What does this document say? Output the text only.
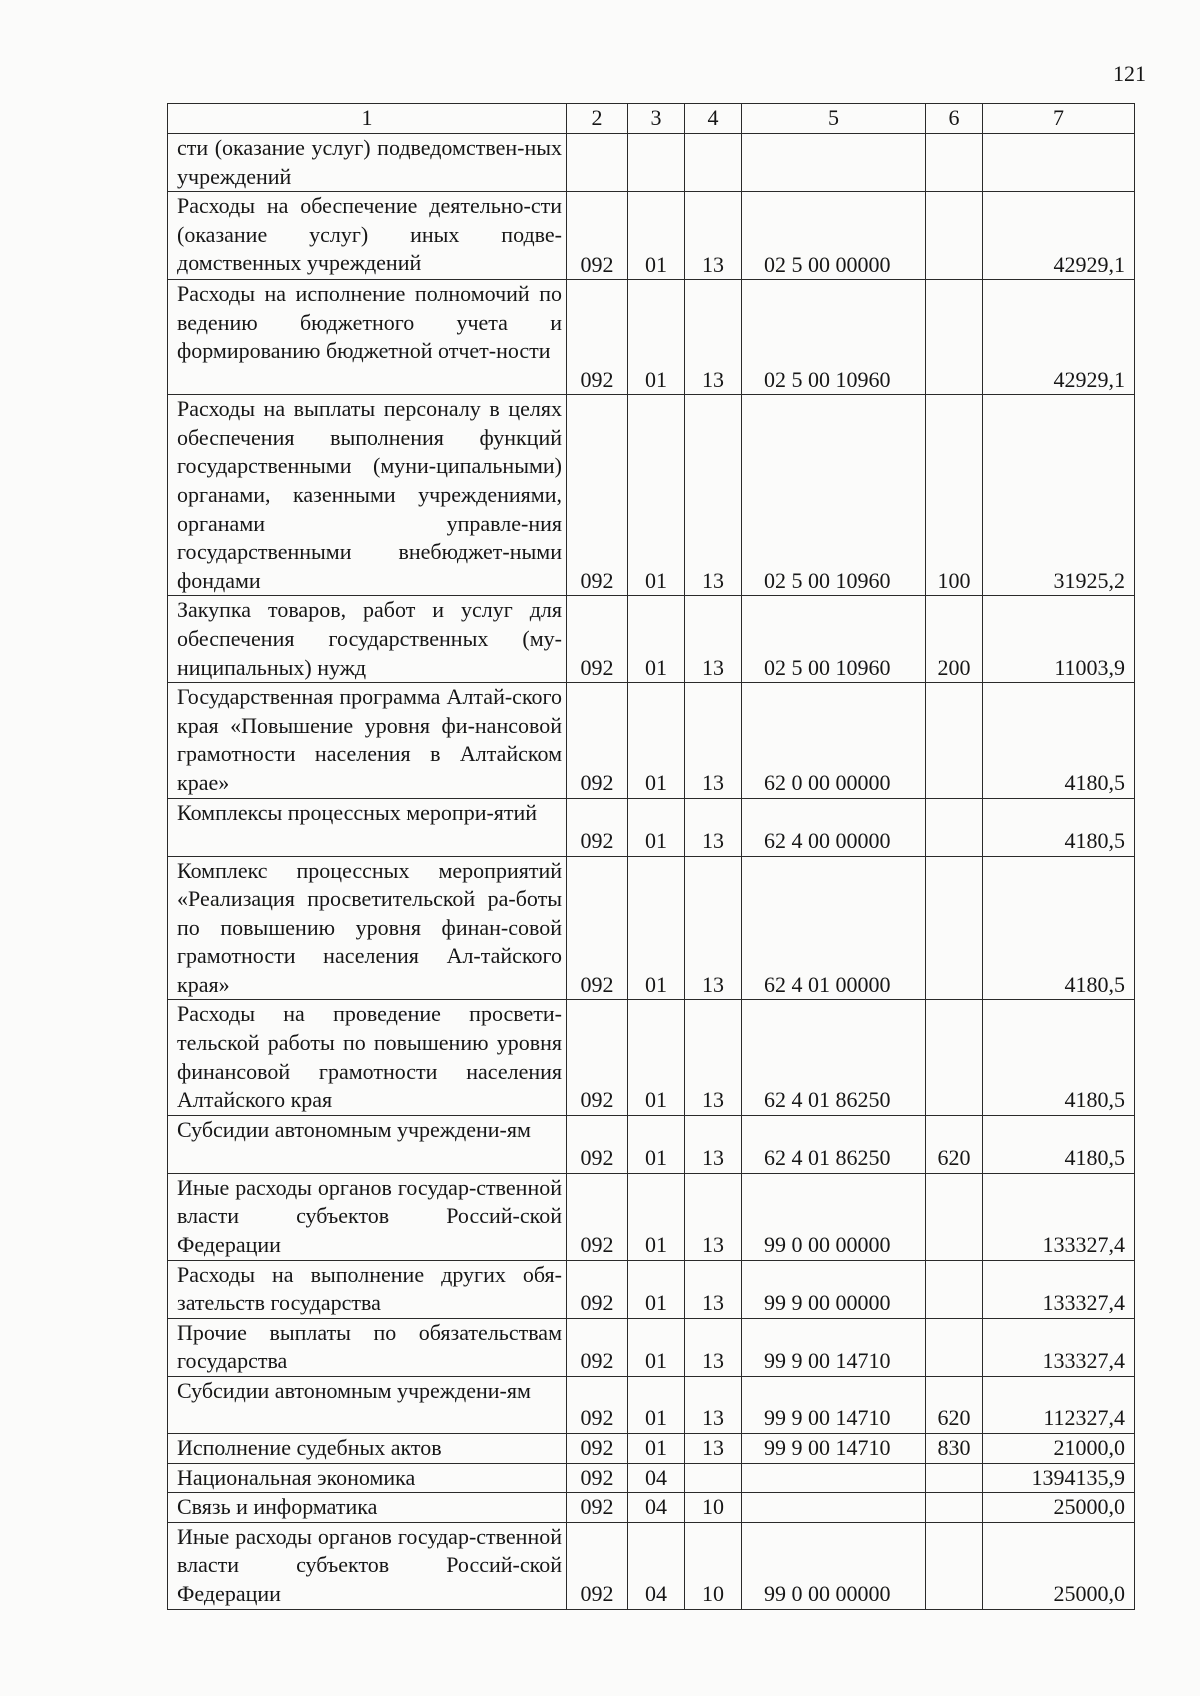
121
1	2	3	4	5	6	7
сти (оказание услуг) подведомствен-ных учреждений						
Расходы на обеспечение деятельно-сти (оказание услуг) иных подве-домственных учреждений	092	01	13	02 5 00 00000		42929,1
Расходы на исполнение полномочий по ведению бюджетного учета и формированию бюджетной отчет-ности	092	01	13	02 5 00 10960		42929,1
Расходы на выплаты персоналу в целях обеспечения выполнения функций государственными (муни-ципальными) органами, казенными учреждениями, органами управле-ния государственными внебюджет-ными фондами	092	01	13	02 5 00 10960	100	31925,2
Закупка товаров, работ и услуг для обеспечения государственных (му-ниципальных) нужд	092	01	13	02 5 00 10960	200	11003,9
Государственная программа Алтай-ского края «Повышение уровня фи-нансовой грамотности населения в Алтайском крае»	092	01	13	62 0 00 00000		4180,5
Комплексы процессных меропри-ятий	092	01	13	62 4 00 00000		4180,5
Комплекс процессных мероприятий «Реализация просветительской ра-боты по повышению уровня финан-совой грамотности населения Ал-тайского края»	092	01	13	62 4 01 00000		4180,5
Расходы на проведение просвети-тельской работы по повышению уровня финансовой грамотности населения Алтайского края	092	01	13	62 4 01 86250		4180,5
Субсидии автономным учреждени-ям	092	01	13	62 4 01 86250	620	4180,5
Иные расходы органов государ-ственной власти субъектов Россий-ской Федерации	092	01	13	99 0 00 00000		133327,4
Расходы на выполнение других обя-зательств государства	092	01	13	99 9 00 00000		133327,4
Прочие выплаты по обязательствам государства	092	01	13	99 9 00 14710		133327,4
Субсидии автономным учреждени-ям	092	01	13	99 9 00 14710	620	112327,4
Исполнение судебных актов	092	01	13	99 9 00 14710	830	21000,0
Национальная экономика	092	04				1394135,9
Связь и информатика	092	04	10			25000,0
Иные расходы органов государ-ственной власти субъектов Россий-ской Федерации	092	04	10	99 0 00 00000		25000,0
